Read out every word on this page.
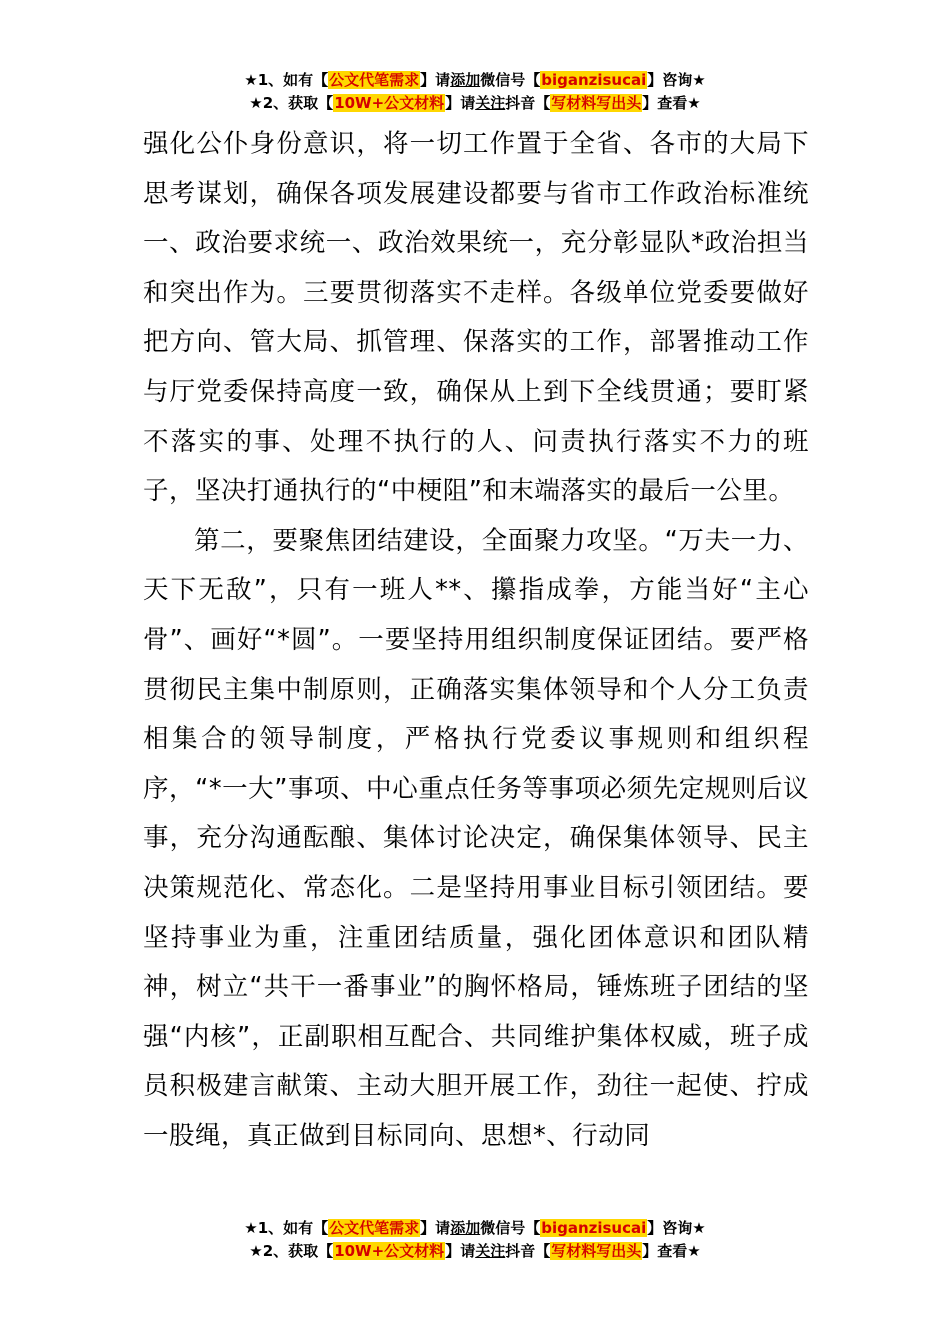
★1、如有【公文代笔需求】请添加微信号【biganzisucai】咨询★
★2、获取【10W+公文材料】请关注抖音【写材料写出头】查看★

强化公仆身份意识，将一切工作置于全省、各市的大局下思考谋划，确保各项发展建设都要与省市工作政治标准统一、政治要求统一、政治效果统一，充分彰显队*政治担当和突出作为。三要贯彻落实不走样。各级单位党委要做好把方向、管大局、抓管理、保落实的工作，部署推动工作与厅党委保持高度一致，确保从上到下全线贯通；要盯紧不落实的事、处理不执行的人、问责执行落实不力的班子，坚决打通执行的“中梗阻”和末端落实的最后一公里。

第二，要聚焦团结建设，全面聚力攻坚。“万夫一力、天下无敌”，只有一班人**、攥指成拳，方能当好“主心骨”、画好“*圆”。一要坚持用组织制度保证团结。要严格贯彻民主集中制原则，正确落实集体领导和个人分工负责相集合的领导制度，严格执行党委议事规则和组织程序，“*一大”事项、中心重点任务等事项必须先定规则后议事，充分沟通酝酿、集体讨论决定，确保集体领导、民主决策规范化、常态化。二是坚持用事业目标引领团结。要坚持事业为重，注重团结质量，强化团体意识和团队精神，树立“共干一番事业”的胸怀格局，锤炼班子团结的坚强“内核”，正副职相互配合、共同维护集体权威，班子成员积极建言献策、主动大胆开展工作，劲往一起使、拧成一股绳，真正做到目标同向、思想*、行动同

★1、如有【公文代笔需求】请添加微信号【biganzisucai】咨询★
★2、获取【10W+公文材料】请关注抖音【写材料写出头】查看★
